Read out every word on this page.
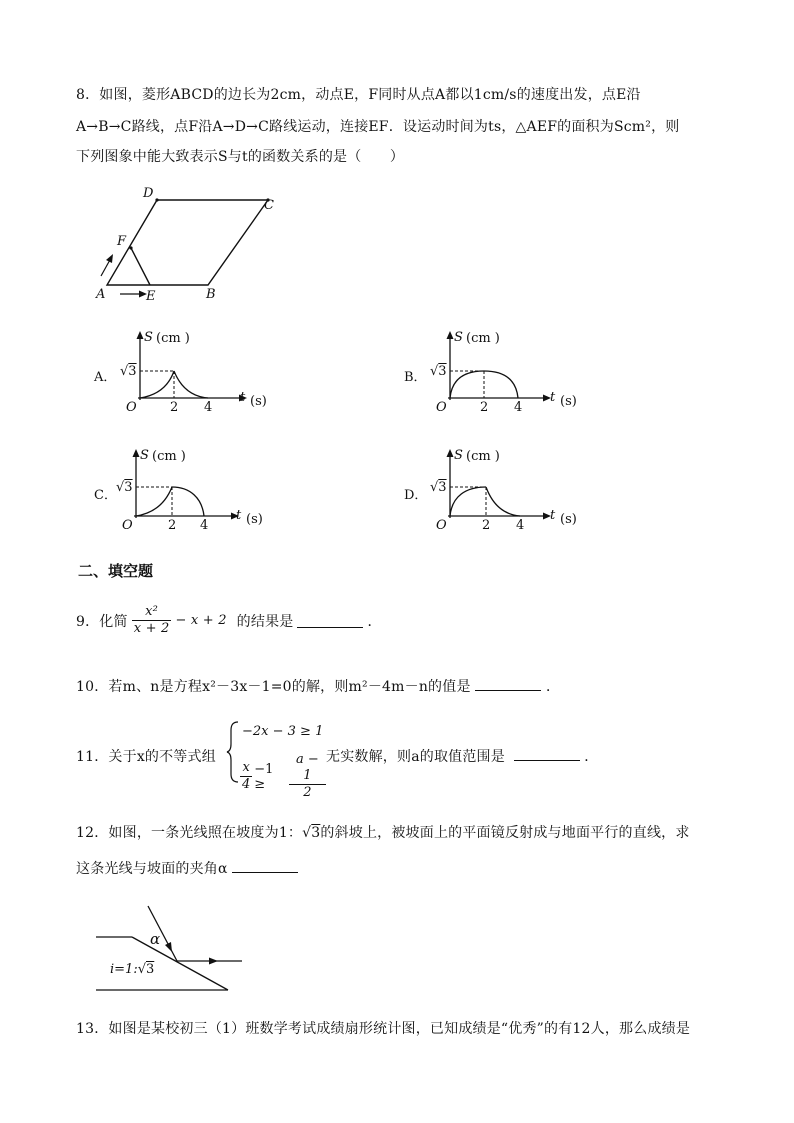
8．如图，菱形ABCD的边长为2cm，动点E，F同时从点A都以1cm/s的速度出发，点E沿
A→B→C路线，点F沿A→D→C路线运动，连接EF．设运动时间为ts，△AEF的面积为Scm²，则
下列图象中能大致表示S与t的函数关系的是（　　）
D
C
F
A	E	B
A．
S (cm )
√3
O	2 4
t (s)
B．
S (cm )
√3
O	2 4
t (s)
C．
S (cm )
√3
O	2 4
t (s)
D．
S (cm )
√3
O	2 4
t (s)
二、填空题
9．化简 $\frac{\text{x²}}{x + 2} - x + 2$ 的结果是	．
10．若m、n是方程x²－3x－1=0的解，则m²－4m－n的值是	．
11．关于x的不等式组
−2x − 3 ≥ 1
$\frac{x}{4} -1$ ≥	$\frac{a - 1}{2}$ 无实数解，则a的取值范围是	．
12．如图，一条光线照在坡度为1：√3的斜坡上，被坡面上的平面镜反射成与地面平行的直线，求
这条光线与坡面的夹角α
α
i=1:√3
13．如图是某校初三（1）班数学考试成绩扇形统计图，已知成绩是“优秀”的有12人，那么成绩是
